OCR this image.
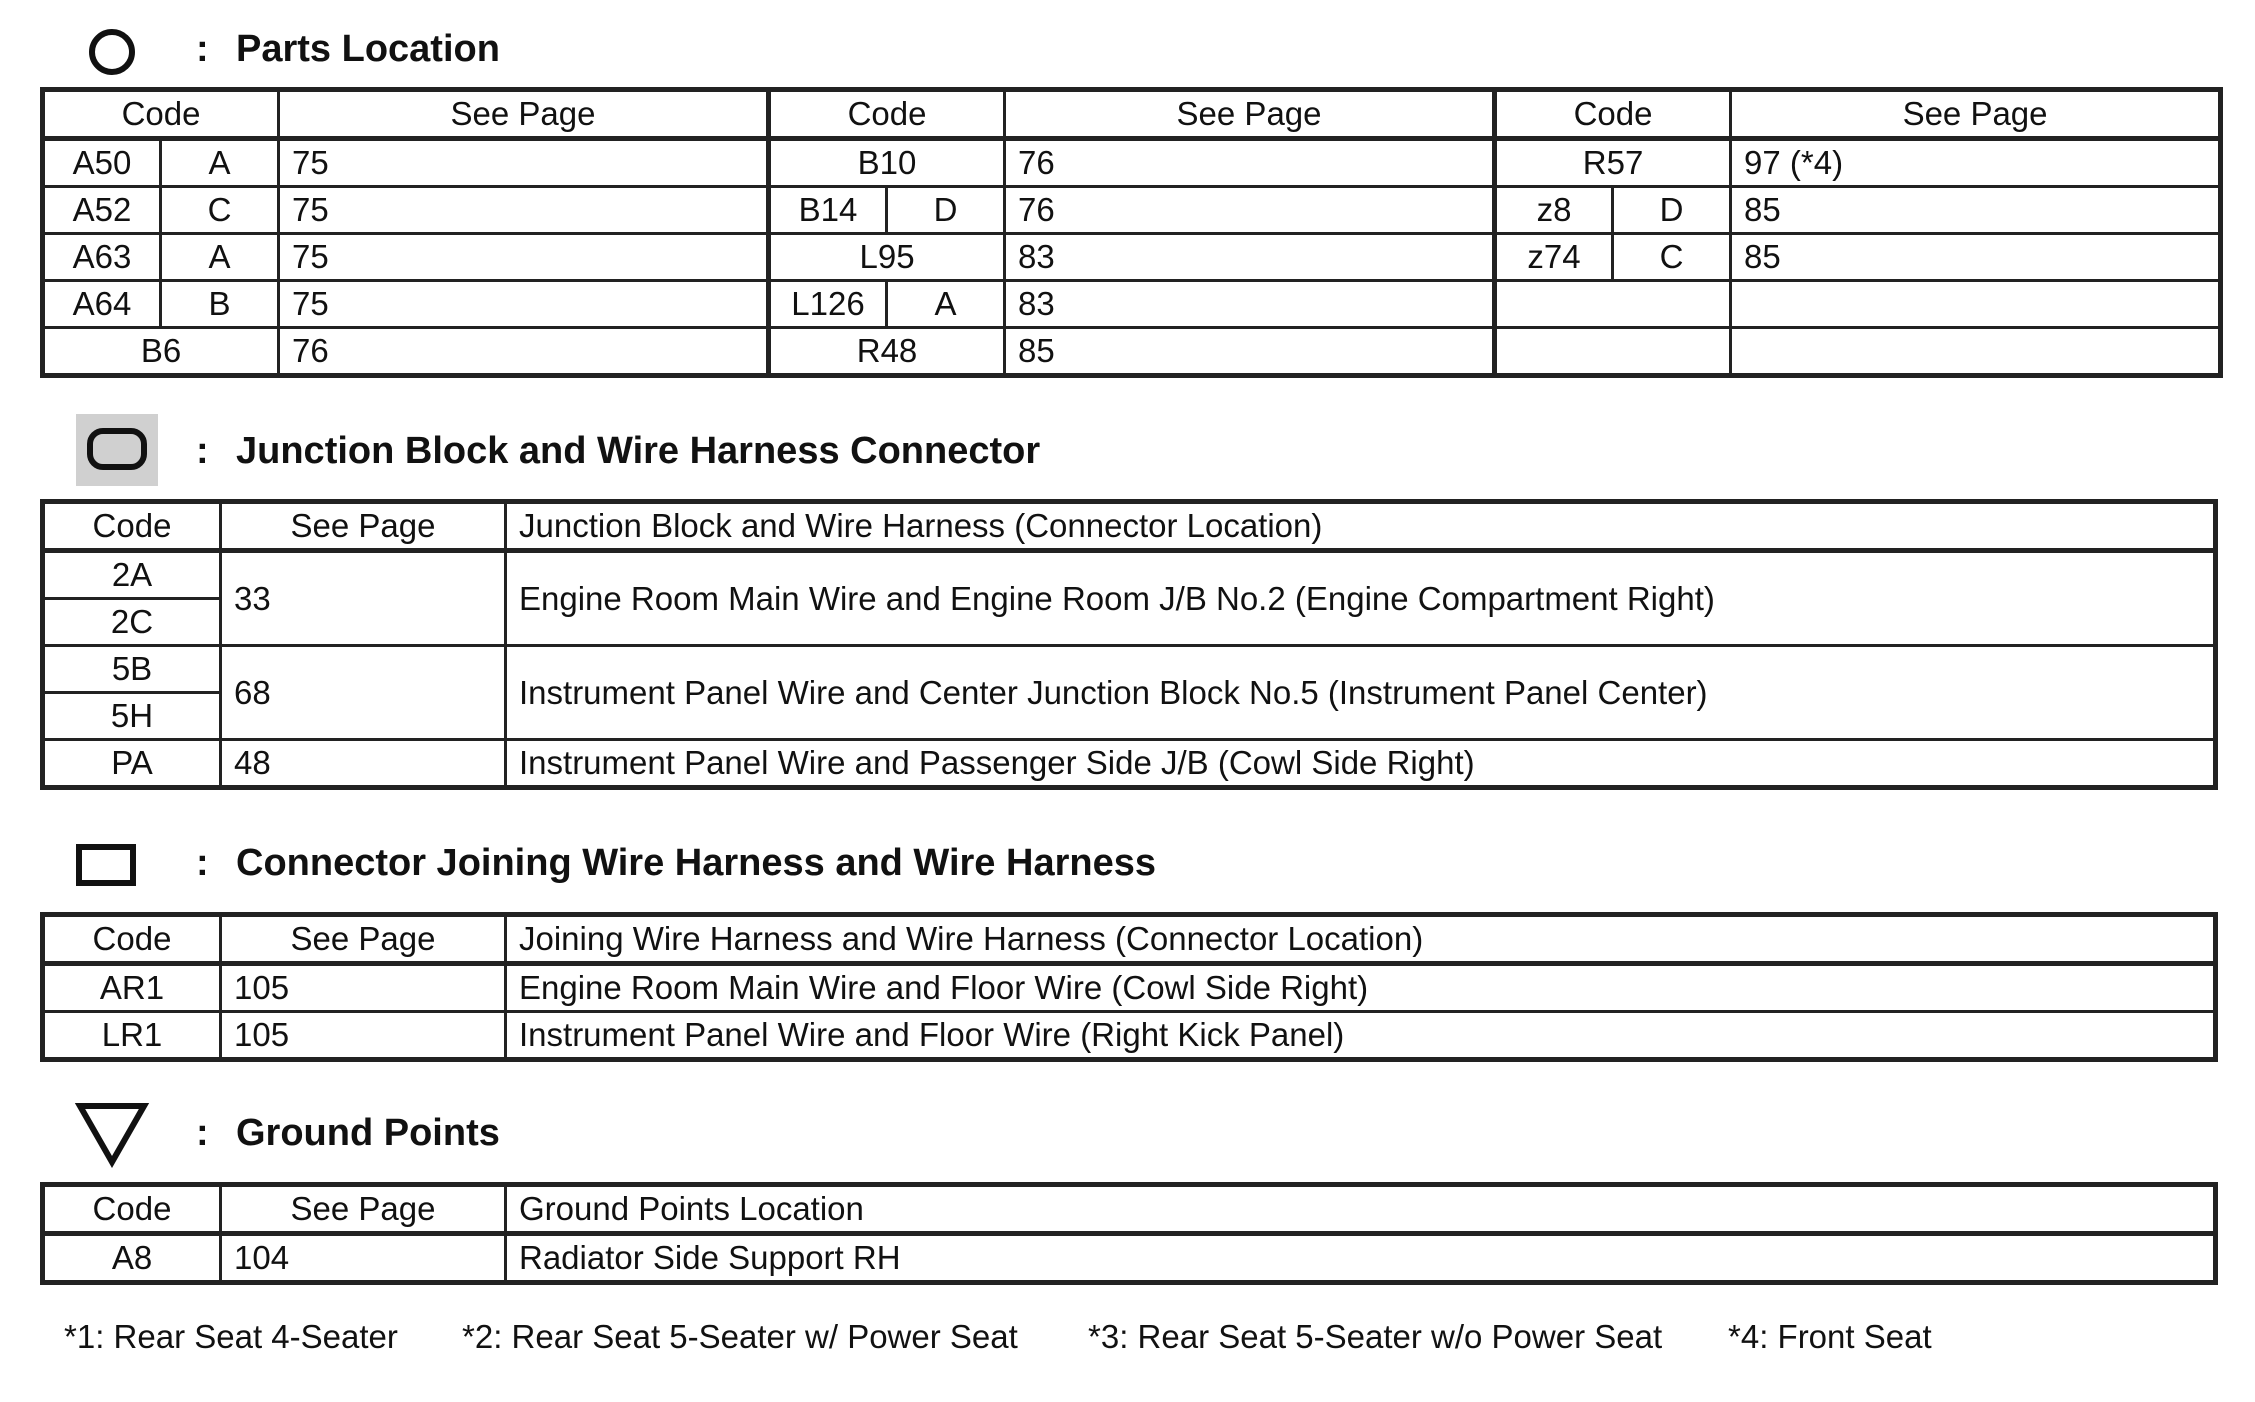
: Parts Location
Code		See Page	Code		See Page	Code		See Page
A50	A	75	B10		76	R57		97 (*4)
A52	C	75	B14	D	76	z8	D	85
A63	A	75	L95		83	z74	C	85
A64	B	75	L126	A	83			
B6		76	R48		85			
: Junction Block and Wire Harness Connector
Code	See Page	Junction Block and Wire Harness (Connector Location)
2A	33	Engine Room Main Wire and Engine Room J/B No.2 (Engine Compartment Right)
2C		
5B	68	Instrument Panel Wire and Center Junction Block No.5 (Instrument Panel Center)
5H		
PA	48	Instrument Panel Wire and Passenger Side J/B (Cowl Side Right)
: Connector Joining Wire Harness and Wire Harness
Code	See Page	Joining Wire Harness and Wire Harness (Connector Location)
AR1	105	Engine Room Main Wire and Floor Wire (Cowl Side Right)
LR1	105	Instrument Panel Wire and Floor Wire (Right Kick Panel)
: Ground Points
Code	See Page	Ground Points Location
A8	104	Radiator Side Support RH
*1: Rear Seat 4-Seater *2: Rear Seat 5-Seater w/ Power Seat *3: Rear Seat 5-Seater w/o Power Seat *4: Front Seat
